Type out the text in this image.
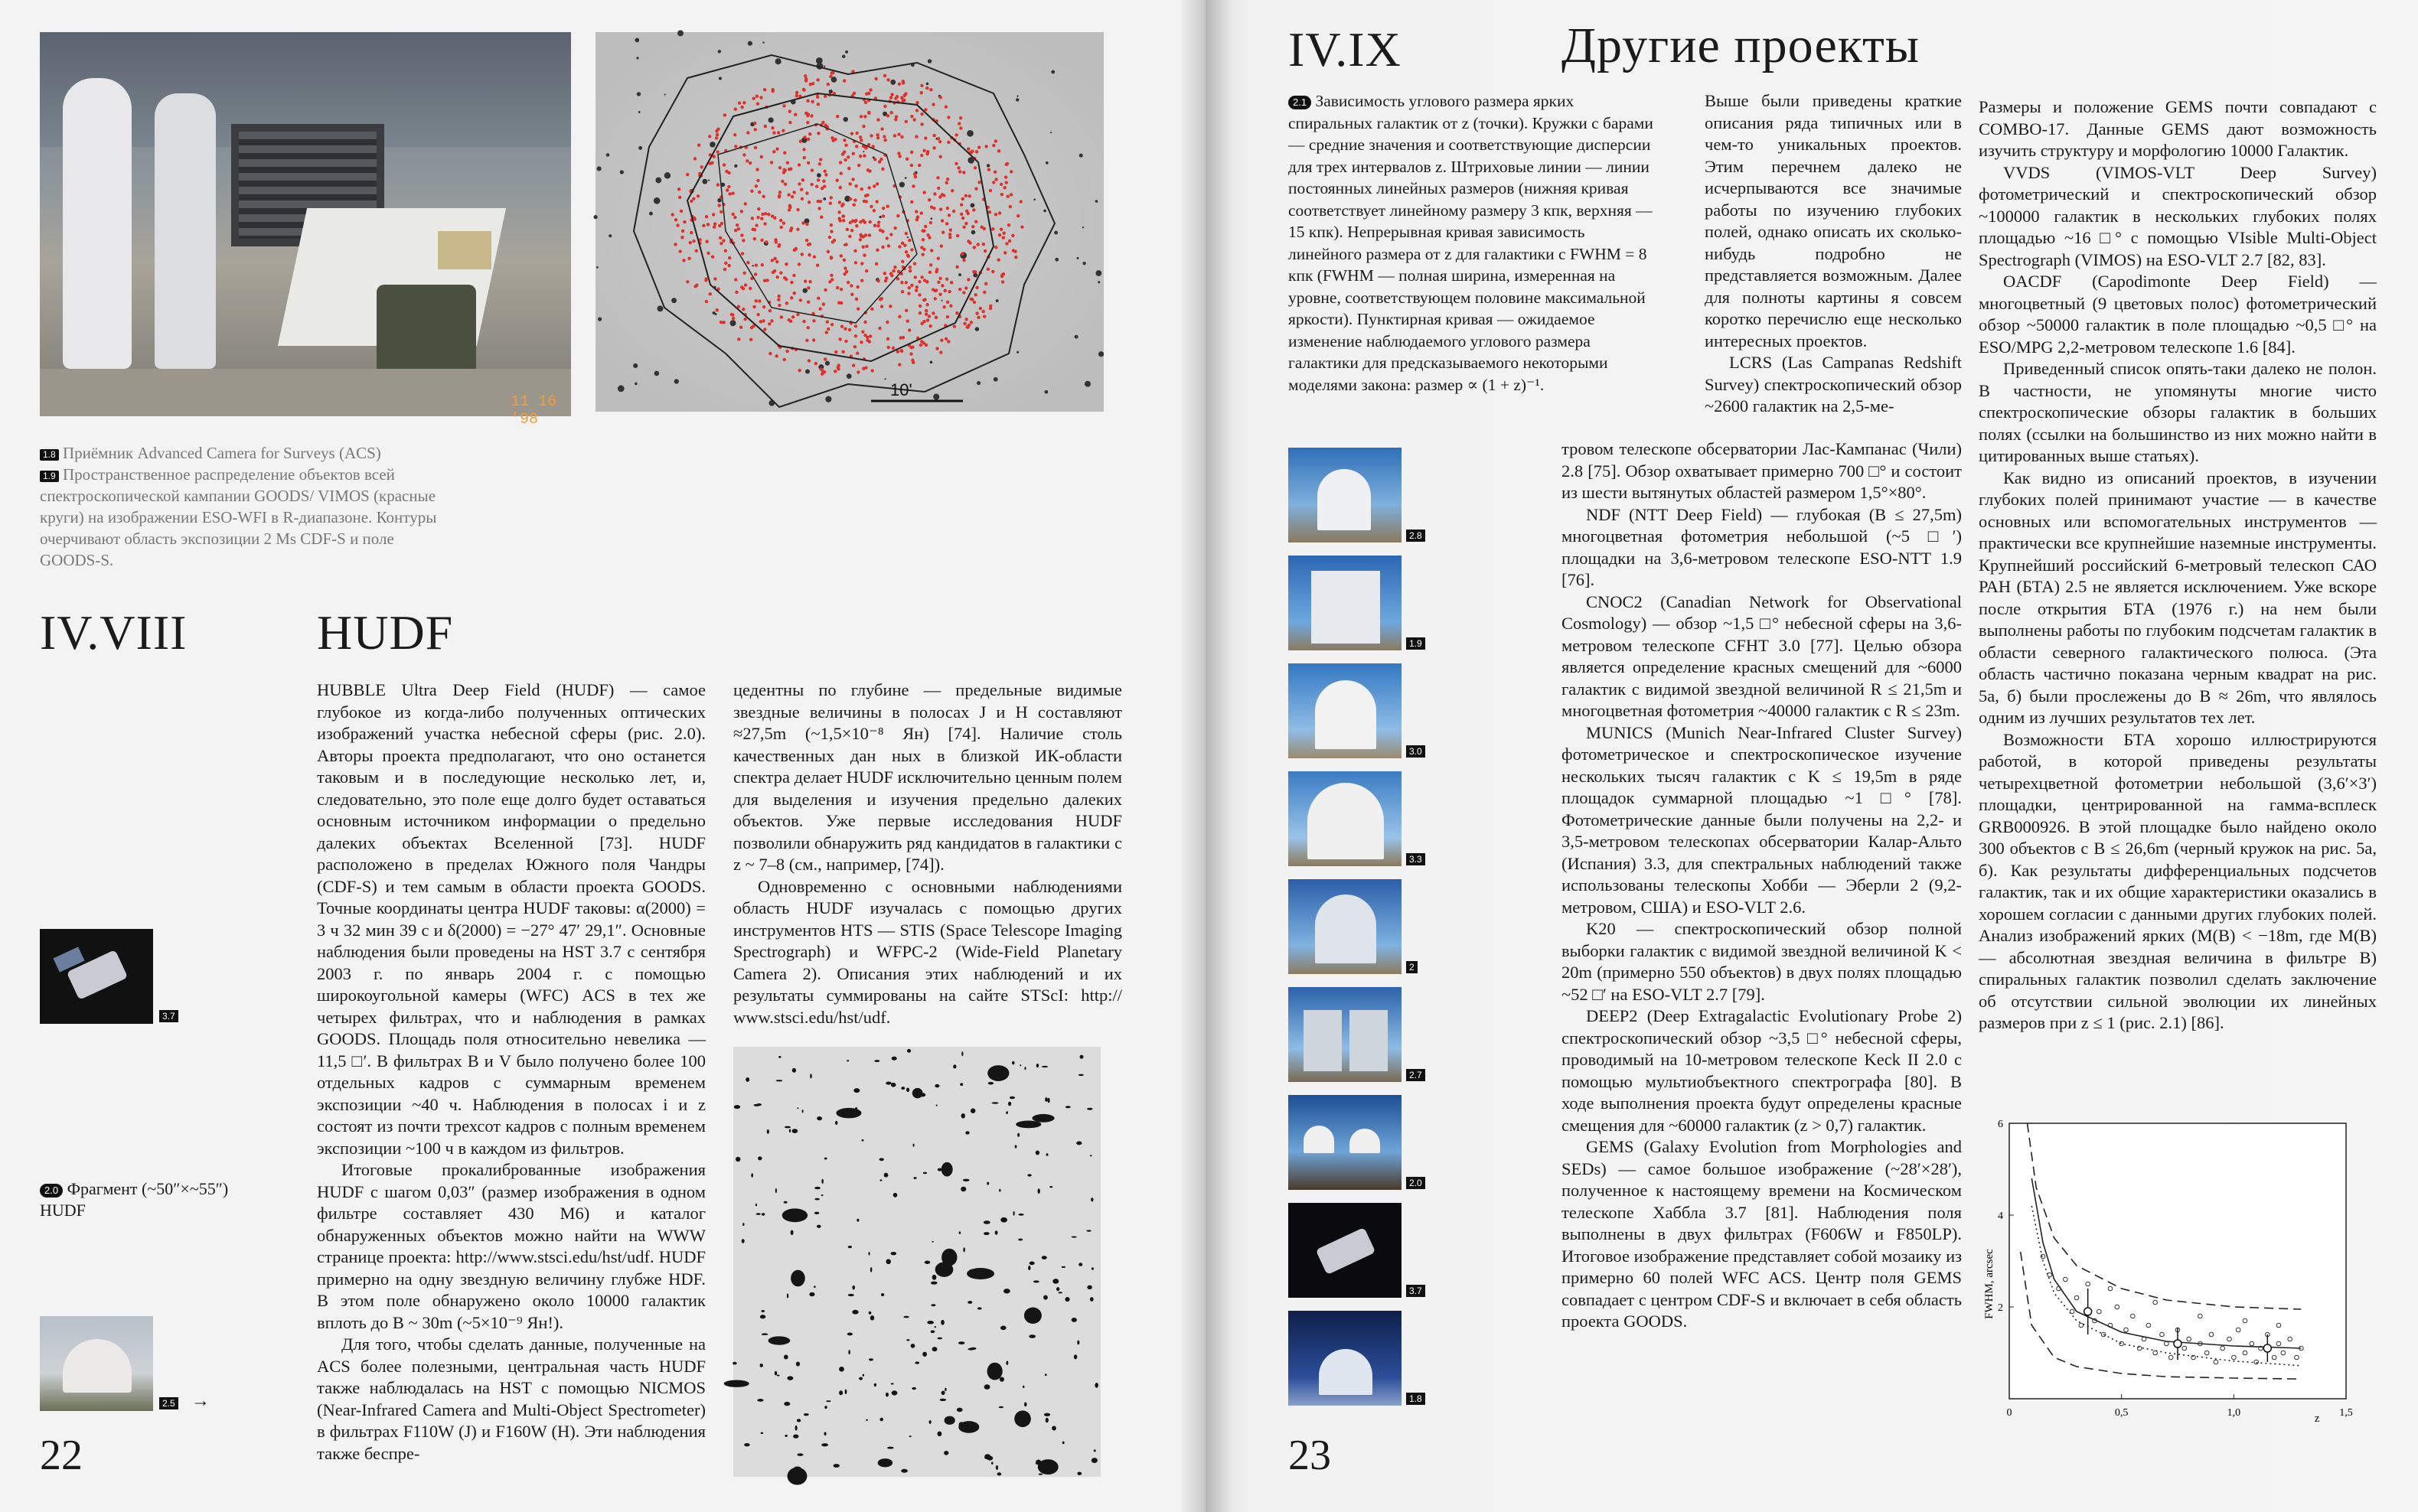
11 16 '98
10'
1.8 Приёмник Advanced Camera for Surveys (ACS)
1.9 Пространственное распределение объектов всей спектроскопической кампании GOODS/ VIMOS (красные круги) на изображении ESO-WFI в R-диапазоне. Контуры очерчивают область экспозиции 2 Ms CDF-S и поле GOODS-S.
IV.VIII	HUDF

HUBBLE Ultra Deep Field (HUDF) — самое глубокое из когда-либо полученных оптических изображений участка небесной сферы (рис. 2.0). Авторы проекта предполагают, что оно останется таковым и в последующие несколько лет, и, следовательно, это поле еще долго будет оставаться основным источником информации о предельно далеких объектах Вселенной [73]. HUDF расположено в пределах Южного поля Чандры (CDF-S) и тем самым в области проекта GOODS. Точные координаты центра HUDF таковы: α(2000) = 3 ч 32 мин 39 с и δ(2000) = −27° 47′ 29,1″. Основные наблюдения были проведены на HST 3.7 с сентября 2003 г. по январь 2004 г. с помощью широкоугольной камеры (WFC) ACS в тех же четырех фильтрах, что и наблюдения в рамках GOODS. Площадь поля относительно невелика — 11,5 □′. В фильтрах B и V было получено более 100 отдельных кадров с суммарным временем экспозиции ~40 ч. Наблюдения в полосах i и z состоят из почти трехсот кадров с полным временем экспозиции ~100 ч в каждом из фильтров.

Итоговые прокалиброванные изображения HUDF с шагом 0,03″ (размер изображения в одном фильтре составляет 430 М6) и каталог обнаруженных объектов можно найти на WWW странице проекта: http://www.stsci.edu/hst/udf. HUDF примерно на одну звездную величину глубже HDF. В этом поле обнаружено около 10000 галактик вплоть до B ~ 30m (~5×10⁻⁹ Ян!).

Для того, чтобы сделать данные, полученные на ACS более полезными, центральная часть HUDF также наблюдалась на HST с помощью NICMOS (Near-Infrared Camera and Multi-Object Spectrometer) в фильтрах F110W (J) и F160W (H). Эти наблюдения также беспре-

цедентны по глубине — предельные видимые звездные величины в полосах J и H составляют ≈27,5m (~1,5×10⁻⁸ Ян) [74]. Наличие столь качественных дан ных в близкой ИК-области спектра делает HUDF исключительно ценным полем для выделения и изучения предельно далеких объектов. Уже первые исследования HUDF позволили обнаружить ряд кандидатов в галактики с z ~ 7–8 (см., например, [74]).

Одновременно с основными наблюдениями область HUDF изучалась с помощью других инструментов HTS — STIS (Space Telescope Imaging Spectrograph) и WFPC-2 (Wide-Field Planetary Camera 2). Описания этих наблюдений и их результаты суммированы на сайте STScI: http:// www.stsci.еdu/hst/udf.

3.7
2.0 Фрагмент (~50″×~55″) HUDF
2.5 →
22
IV.IX	Другие проекты
2.1 Зависимость углового размера ярких спиральных галактик от z (точки). Кружки с барами — средние значения и соответствующие дисперсии для трех интервалов z. Штриховые линии — линии постоянных линейных размеров (нижняя кривая соответствует линейному размеру 3 кпк, верхняя — 15 кпк). Непрерывная кривая зависимость линейного размера от z для галактики с FWHM = 8 кпк (FWHM — полная ширина, измеренная на уровне, соответствующем половине максимальной яркости). Пунктирная кривая — ожидаемое изменение наблюдаемого углового размера галактики для предсказываемого некоторыми моделями закона: размер ∝ (1 + z)⁻¹.

Выше были приведены краткие описания ряда типичных или в чем-то уникальных проектов. Этим перечнем далеко не исчерпываются все значимые работы по изучению глубоких полей, однако описать их сколько-нибудь подробно не представляется возможным. Далее для полноты картины я совсем коротко перечислю еще несколько интересных проектов.

LCRS (Las Campanas Redshift Survey) спектроскопический обзор ~2600 галактик на 2,5-ме-

тровом телескопе обсерватории Лас-Кампанас (Чили) 2.8 [75]. Обзор охватывает примерно 700 □° и состоит из шести вытянутых областей размером 1,5°×80°.

NDF (NTT Deep Field) — глубокая (B ≤ 27,5m) многоцветная фотометрия небольшой (~5 □′) площадки на 3,6-метровом телескопе ESO-NTT 1.9 [76].

CNOC2 (Canadian Network for Observational Cosmology) — обзор ~1,5 □° небесной сферы на 3,6-метровом телескопе CFHT 3.0 [77]. Целью обзора является определение красных смещений для ~6000 галактик с видимой звездной величиной R ≤ 21,5m и многоцветная фотометрия ~40000 галактик с R ≤ 23m.

MUNICS (Munich Near-Infrared Cluster Survey) фотометрическое и спектроскопическое изучение нескольких тысяч галактик с K ≤ 19,5m в ряде площадок суммарной площадью ~1 □° [78]. Фотометрические данные были получены на 2,2- и 3,5-метровом телескопах обсерватории Калар-Альто (Испания) 3.3, для спектральных наблюдений также использованы телескопы Хобби — Эберли 2 (9,2-метровом, США) и ESO-VLT 2.6.

K20 — спектроскопический обзор полной выборки галактик с видимой звездной величиной K < 20m (примерно 550 объектов) в двух полях площадью ~52 □′ на ESO-VLT 2.7 [79].

DEEP2 (Deep Extragalactic Evolutionary Probe 2) спектроскопический обзор ~3,5 □° небесной сферы, проводимый на 10-метровом телескопе Keck II 2.0 с помощью мультиобъектного спектрографа [80]. В ходе выполнения проекта будут определены красные смещения для ~60000 галактик (z > 0,7) галактик.

GEMS (Galaxy Evolution from Morphologies and SEDs) — самое большое изображение (~28′×28′), полученное к настоящему времени на Космическом телескопе Хаббла 3.7 [81]. Наблюдения поля выполнены в двух фильтрах (F606W и F850LP). Итоговое изображение представляет собой мозаику из примерно 60 полей WFC ACS. Центр поля GEMS совпадает с центром CDF-S и включает в себя область проекта GOODS.

Размеры и положение GEMS почти совпадают с COMBO-17. Данные GEMS дают возможность изучить структуру и морфологию 10000 Галактик.

VVDS (VIMOS-VLT Deep Survey) фотометрический и спектроскопический обзор ~100000 галактик в нескольких глубоких полях площадью ~16 □° с помощью VIsible Multi-Object Spectrograph (VIMOS) на ESO-VLT 2.7 [82, 83].

OACDF (Capodimonte Deep Field) — многоцветный (9 цветовых полос) фотометрический обзор ~50000 галактик в поле площадью ~0,5 □° на ESO/MPG 2,2-метровом телескопе 1.6 [84].

Приведенный список опять-таки далеко не полон. В частности, не упомянуты многие чисто спектроскопические обзоры галактик в больших полях (ссылки на большинство из них можно найти в цитированных выше статьях).

Как видно из описаний проектов, в изучении глубоких полей принимают участие — в качестве основных или вспомогательных инструментов — практически все крупнейшие наземные инструменты. Крупнейший российский 6-метровый телескоп САО РАН (БТА) 2.5 не является исключением. Уже вскоре после открытия БТА (1976 г.) на нем были выполнены работы по глубоким подсчетам галактик в области северного галактического полюса. (Эта область частично показана черным квадрат на рис. 5а, б) были прослежены до B ≈ 26m, что являлось одним из лучших результатов тех лет.

Возможности БТА хорошо иллюстрируются работой, в которой приведены результаты четырехцветной фотометрии небольшой (3,6′×3′) площадки, центрированной на гамма-всплеск GRB000926. В этой площадке было найдено около 300 объектов с B ≤ 26,6m (черный кружок на рис. 5а, б). Как результаты дифференциальных подсчетов галактик, так и их общие характеристики оказались в хорошем согласии с данными других глубоких полей. Анализ изображений ярких (M(B) < −18m, где M(B) — абсолютная звездная величина в фильтре B) спиральных галактик позволил сделать заключение об отсутствии сильной эволюции их линейных размеров при z ≤ 1 (рис. 2.1) [86].

2.8
1.9
3.0
3.3
2
2.7
2.0
3.7
1.8
0	0,5	1,0	1,5
2
4
6
FWHM, arcsec
z
23
